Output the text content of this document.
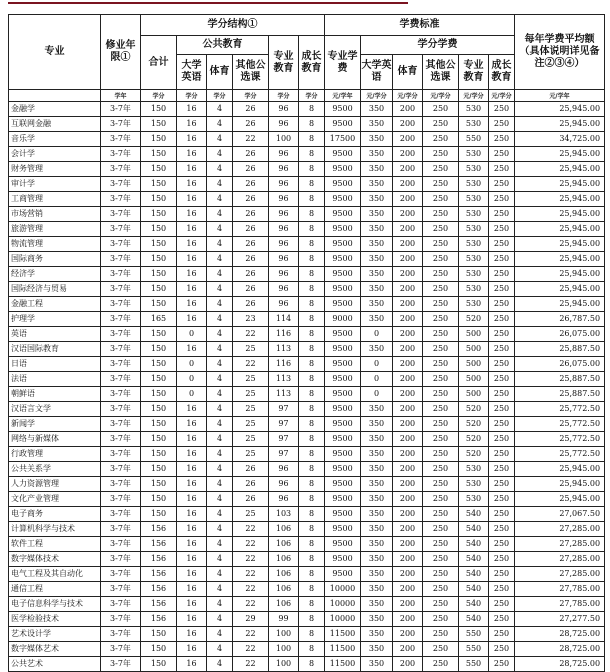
专业	修业年限①	学分结构①						学费标准						每年学费平均额（具体说明详见备注②③④）
		合计	公共教育			专业教育	成长教育	专业学费	学分学费					
			大学英语	体育	其他公选课				大学英语	体育	其他公选课	专业教育	成长教育	
	学年	学分	学分	学分	学分	学分	学分	元/学年	元/学分	元/学分	元/学分	元/学分	元/学分	元/学年
金融学	3-7年	150	16	4	26	96	8	9500	350	200	250	530	250	25,945.00
互联网金融	3-7年	150	16	4	26	96	8	9500	350	200	250	530	250	25,945.00
音乐学	3-7年	150	16	4	22	100	8	17500	350	200	250	550	250	34,725.00
会计学	3-7年	150	16	4	26	96	8	9500	350	200	250	530	250	25,945.00
财务管理	3-7年	150	16	4	26	96	8	9500	350	200	250	530	250	25,945.00
审计学	3-7年	150	16	4	26	96	8	9500	350	200	250	530	250	25,945.00
工商管理	3-7年	150	16	4	26	96	8	9500	350	200	250	530	250	25,945.00
市场营销	3-7年	150	16	4	26	96	8	9500	350	200	250	530	250	25,945.00
旅游管理	3-7年	150	16	4	26	96	8	9500	350	200	250	530	250	25,945.00
物流管理	3-7年	150	16	4	26	96	8	9500	350	200	250	530	250	25,945.00
国际商务	3-7年	150	16	4	26	96	8	9500	350	200	250	530	250	25,945.00
经济学	3-7年	150	16	4	26	96	8	9500	350	200	250	530	250	25,945.00
国际经济与贸易	3-7年	150	16	4	26	96	8	9500	350	200	250	530	250	25,945.00
金融工程	3-7年	150	16	4	26	96	8	9500	350	200	250	530	250	25,945.00
护理学	3-7年	165	16	4	23	114	8	9000	350	200	250	520	250	26,787.50
英语	3-7年	150	0	4	22	116	8	9500	0	200	250	500	250	26,075.00
汉语国际教育	3-7年	150	16	4	25	113	8	9500	350	200	250	500	250	25,887.50
日语	3-7年	150	0	4	22	116	8	9500	0	200	250	500	250	26,075.00
法语	3-7年	150	0	4	25	113	8	9500	0	200	250	500	250	25,887.50
朝鲜语	3-7年	150	0	4	25	113	8	9500	0	200	250	500	250	25,887.50
汉语言文学	3-7年	150	16	4	25	97	8	9500	350	200	250	520	250	25,772.50
新闻学	3-7年	150	16	4	25	97	8	9500	350	200	250	520	250	25,772.50
网络与新媒体	3-7年	150	16	4	25	97	8	9500	350	200	250	520	250	25,772.50
行政管理	3-7年	150	16	4	25	97	8	9500	350	200	250	520	250	25,772.50
公共关系学	3-7年	150	16	4	26	96	8	9500	350	200	250	530	250	25,945.00
人力资源管理	3-7年	150	16	4	26	96	8	9500	350	200	250	530	250	25,945.00
文化产业管理	3-7年	150	16	4	26	96	8	9500	350	200	250	530	250	25,945.00
电子商务	3-7年	150	16	4	25	103	8	9500	350	200	250	540	250	27,067.50
计算机科学与技术	3-7年	156	16	4	22	106	8	9500	350	200	250	540	250	27,285.00
软件工程	3-7年	156	16	4	22	106	8	9500	350	200	250	540	250	27,285.00
数字媒体技术	3-7年	156	16	4	22	106	8	9500	350	200	250	540	250	27,285.00
电气工程及其自动化	3-7年	156	16	4	22	106	8	9500	350	200	250	540	250	27,285.00
通信工程	3-7年	156	16	4	22	106	8	10000	350	200	250	540	250	27,785.00
电子信息科学与技术	3-7年	156	16	4	22	106	8	10000	350	200	250	540	250	27,785.00
医学检验技术	3-7年	156	16	4	29	99	8	10000	350	200	250	540	250	27,277.50
艺术设计学	3-7年	150	16	4	22	100	8	11500	350	200	250	550	250	28,725.00
数字媒体艺术	3-7年	150	16	4	22	100	8	11500	350	200	250	550	250	28,725.00
公共艺术	3-7年	150	16	4	22	100	8	11500	350	200	250	550	250	28,725.00
